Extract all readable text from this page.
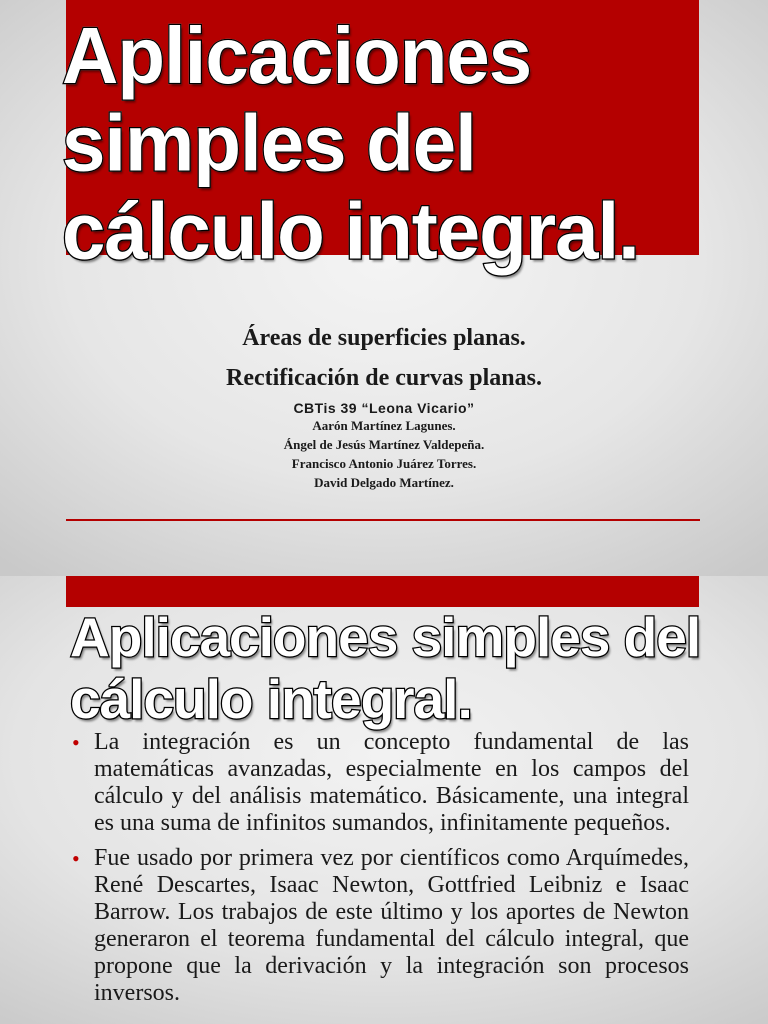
Aplicaciones
simples del
cálculo integral.

Áreas de superficies planas.

Rectificación de curvas planas.

CBTis 39 “Leona Vicario”

Aarón Martínez Lagunes.

Ángel de Jesús Martínez Valdepeña.

Francisco Antonio Juárez Torres.

David Delgado Martínez.

Aplicaciones simples del
cálculo integral.
• La integración es un concepto fundamental de las matemáticas avanzadas, especialmente en los campos del cálculo y del análisis matemático. Básicamente, una integral es una suma de infinitos sumandos, infinitamente pequeños.
• Fue usado por primera vez por científicos como Arquímedes, René Descartes, Isaac Newton, Gottfried Leibniz e Isaac Barrow. Los trabajos de este último y los aportes de Newton generaron el teorema fundamental del cálculo integral, que propone que la derivación y la integración son procesos inversos.
